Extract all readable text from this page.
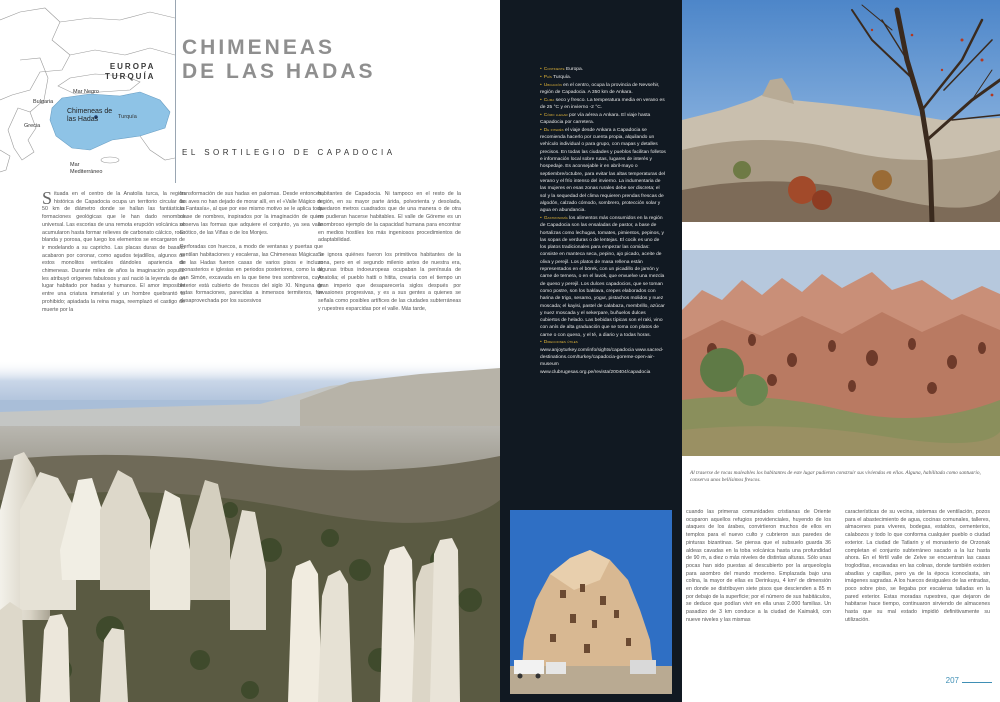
EUROPA
TURQUÍA
Mar Negro
Bulgaria
Turquía
Grecia
Mar
Mediterráneo
Chimeneas de
las Hadas
CHIMENEAS
DE LAS HADAS
EL SORTILEGIO DE CAPADOCIA

Situada en el centro de la Anatolia turca, la región histórica de Capadocia ocupa un territorio circular de 50 km de diámetro donde se hallan las fantásticas formaciones geológicas que le han dado renombre universal. Las escorias de una remota erupción volcánica se acumularon hasta formar relieves de carbonato cálcico, roca blanda y porosa, que luego los elementos se encargaron de ir modelando a su capricho. Las placas duras de basalto acabaron por coronar, como agudos tejadillos, algunos de estos monolitos verticales dándoles apariencia de chimeneas. Durante miles de años la imaginación popular les atribuyó orígenes fabulosos y así nació la leyenda de un lugar habitado por hadas y humanos. El amor imposible entre una criatura inmaterial y un hombre quebrantó lo prohibido; apiadada la reina maga, reemplazó el castigo de muerte por la

transformación de sus hadas en palomas. Desde entonces, las aves no han dejado de morar allí, en el «Valle Mágico de la Fantasía», al que por ese mismo motivo se le aplica toda clase de nombres, inspirados por la imaginación de quien observa las formas que adquiere el conjunto, ya sea valle Erótico, de las Viñas o de los Monjes.

Perforadas con huecos, a modo de ventanas y puertas que ventilan habitaciones y escaleras, las Chimeneas Mágicas o de las Hadas fueron casas de varios pisos e incluso monasterios e iglesias en periodos posteriores, como la de san Simón, excavada en la que tiene tres sombreros, cuyo interior está cubierto de frescos del siglo XI. Ninguna de estas formaciones, parecidas a inmensos termiteros, fue desaprovechada por los sucesivos

habitantes de Capadocia. Ni tampoco en el resto de la región, en su mayor parte árida, polvorienta y desolada, quedaron metros cuadrados que de una manera o de otra no pudieran hacerse habitables. El valle de Göreme es un asombroso ejemplo de la capacidad humana para encontrar en medios hostiles los más ingeniosos procedimientos de adaptabilidad.

Se ignora quiénes fueron los primitivos habitantes de la zona, pero en el segundo milenio antes de nuestra era, algunas tribus indoeuropeas ocupaban la península de Anatolia; el pueblo hatti o hitita, crearía con el tiempo un gran imperio que desaparecería siglos después por invasiones progresivas, y es a sus gentes a quienes se señala como posibles artífices de las ciudades subterráneas y rupestres esparcidas por el valle. Más tarde,

• Continente Europa.
• País Turquía.
• Ubicación en el centro, ocupa la provincia de Nevsehir, región de Capadocia. A 350 km de Ankara.
• Clima seco y fresco. La temperatura media en verano es de 25 °C y en invierno -2 °C.
• Cómo llegar por vía aérea a Ankara. El viaje hasta Capadocia por carretera.
• De interés el viaje desde Ankara a Capadocia se recomienda hacerlo por cuenta propia, alquilando un vehículo individual o para grupo, con mapas y detalles precisos. En todas las ciudades y pueblos facilitan folletos e información local sobre rutas, lugares de interés y hospedaje. Es aconsejable ir en abril-mayo o septiembre/octubre, para evitar las altas temperaturas del verano y el frío intenso del invierno. La indumentaria de las mujeres en esas zonas rurales debe ser discreta; el sol y la sequedad del clima requieren prendas frescas de algodón, calzado cómodo, sombrero, protección solar y agua en abundancia.
• Gastronomía los alimentos más consumidos en la región de Capadocia son las ensaladas de pastor, a base de hortalizas como lechugas, tomates, pimientos, pepinos, y las sopas de verduras o de lentejas. El cocik es uno de los platos tradicionales para empezar las comidas: consiste en manteca seca, pepino, ajo picado, aceite de oliva y perejil. Los platos de masa rellena están representados en el börek, con un picadillo de jamón y carne de ternera, o en el lavok, que envuelve una mezcla de queso y perejil. Los dulces capadocios, que se toman como postre, son los baklava, crepes elaborados con harina de trigo, sesamo, yogur, pistachos molidos y nuez moscada; el kayisi, pastel de calabaza, membrillo, azúcar y nuez moscada y el sekerpare, buñuelos dulces cubiertos de helado. Las bebidas típicas son el raki, vino con anís de alta graduación que se toma con platos de carne o con queso, y el té, a diario y a todas horas.
• Direcciones útiles www.anjoyturkey.com/info/sights/capadocia www.sacred-destinations.com/turkey/capadocia-goreme-open-air-museum www.clubrugesas.org.pe/revista/200404/capadocia
Al traserse de rocas maleables los habitantes de este lugar pudieron construir sus viviendas en ellas. Alguna, habilitada como santuario, conserva unos bellísimos frescos.
cuando las primeras comunidades cristianas de Oriente ocuparon aquellos refugios providenciales, huyendo de los ataques de los árabes, convirtieron muchos de ellos en templos para el nuevo culto y cubrieron sus paredes de pinturas bizantinas. Se piensa que el subsuelo guarda 36 aldeas cavadas en la toba volcánica hasta una profundidad de 90 m, a diez o más niveles de distintas alturas. Sólo unas pocas han sido puestas al descubierto por la arqueología para asombro del mundo moderno. Emplazada bajo una colina, la mayor de ellas es Derinkuyu, 4 km² de dimensión en donde se distribuyen siete pisos que descienden a 85 m por debajo de la superficie; por el número de sus habitáculos, se deduce que podían vivir en ella unas 2.000 familias. Un pasadizo de 3 km conduce a la ciudad de Kaimakli, con nueve niveles y las mismas
características de su vecina, sistemas de ventilación, pozos para el abastecimiento de agua, cocinas comunales, talleres, almacenes para víveres, bodegas, establos, cementerios, calabozos y todo lo que conforma cualquier pueblo o ciudad exterior. La ciudad de Tatlarin y el monasterio de Orzonak completan el conjunto subterráneo sacado a la luz hasta ahora. En el fértil valle de Zelve se encuentran las casas trogloditas, excavadas en las colinas, donde también existen abadías y capillas, pero ya de la época iconoclasta, sin imágenes sagradas. A los huecos desiguales de las entradas, poco sobre piso, se llegaba por escaleras talladas en la pared exterior. Estas moradas rupestres, que dejaron de habitarse hace tiempo, continuaron sirviendo de almacenes hasta que su mal estado impidió definitivamente su utilización.
207
